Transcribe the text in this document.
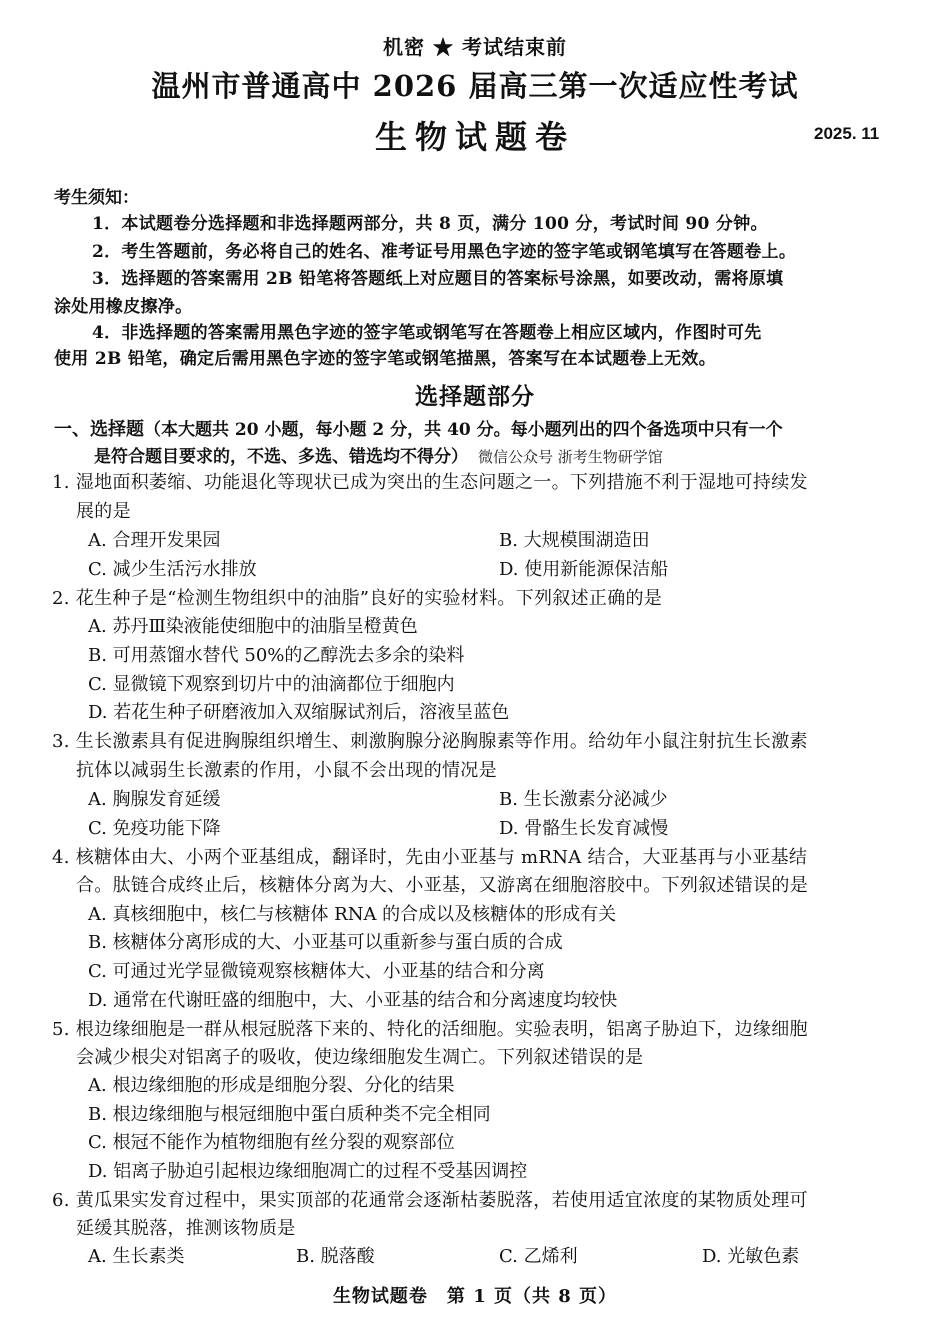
机密 ★ 考试结束前
温州市普通高中 2026 届高三第一次适应性考试
生物试题卷	2025. 11
考生须知：
1．本试题卷分选择题和非选择题两部分，共 8 页，满分 100 分，考试时间 90 分钟。
2．考生答题前，务必将自己的姓名、准考证号用黑色字迹的签字笔或钢笔填写在答题卷上。
3．选择题的答案需用 2B 铅笔将答题纸上对应题目的答案标号涂黑，如要改动，需将原填
涂处用橡皮擦净。
4．非选择题的答案需用黑色字迹的签字笔或钢笔写在答题卷上相应区域内，作图时可先
使用 2B 铅笔，确定后需用黑色字迹的签字笔或钢笔描黑，答案写在本试题卷上无效。
选择题部分
一、选择题（本大题共 20 小题，每小题 2 分，共 40 分。每小题列出的四个备选项中只有一个
是符合题目要求的，不选、多选、错选均不得分） 微信公众号 浙考生物研学馆
1. 湿地面积萎缩、功能退化等现状已成为突出的生态问题之一。下列措施不利于湿地可持续发
展的是
A. 合理开发果园	B. 大规模围湖造田
C. 减少生活污水排放	D. 使用新能源保洁船
2. 花生种子是“检测生物组织中的油脂”良好的实验材料。下列叙述正确的是
A. 苏丹Ⅲ染液能使细胞中的油脂呈橙黄色
B. 可用蒸馏水替代 50%的乙醇洗去多余的染料
C. 显微镜下观察到切片中的油滴都位于细胞内
D. 若花生种子研磨液加入双缩脲试剂后，溶液呈蓝色
3. 生长激素具有促进胸腺组织增生、刺激胸腺分泌胸腺素等作用。给幼年小鼠注射抗生长激素
抗体以减弱生长激素的作用，小鼠不会出现的情况是
A. 胸腺发育延缓	B. 生长激素分泌减少
C. 免疫功能下降	D. 骨骼生长发育减慢
4. 核糖体由大、小两个亚基组成，翻译时，先由小亚基与 mRNA 结合，大亚基再与小亚基结
合。肽链合成终止后，核糖体分离为大、小亚基，又游离在细胞溶胶中。下列叙述错误的是
A. 真核细胞中，核仁与核糖体 RNA 的合成以及核糖体的形成有关
B. 核糖体分离形成的大、小亚基可以重新参与蛋白质的合成
C. 可通过光学显微镜观察核糖体大、小亚基的结合和分离
D. 通常在代谢旺盛的细胞中，大、小亚基的结合和分离速度均较快
5. 根边缘细胞是一群从根冠脱落下来的、特化的活细胞。实验表明，铝离子胁迫下，边缘细胞
会减少根尖对铝离子的吸收，使边缘细胞发生凋亡。下列叙述错误的是
A. 根边缘细胞的形成是细胞分裂、分化的结果
B. 根边缘细胞与根冠细胞中蛋白质种类不完全相同
C. 根冠不能作为植物细胞有丝分裂的观察部位
D. 铝离子胁迫引起根边缘细胞凋亡的过程不受基因调控
6. 黄瓜果实发育过程中，果实顶部的花通常会逐渐枯萎脱落，若使用适宜浓度的某物质处理可
延缓其脱落，推测该物质是
A. 生长素类	B. 脱落酸	C. 乙烯利	D. 光敏色素
生物试题卷　第 1 页（共 8 页）
